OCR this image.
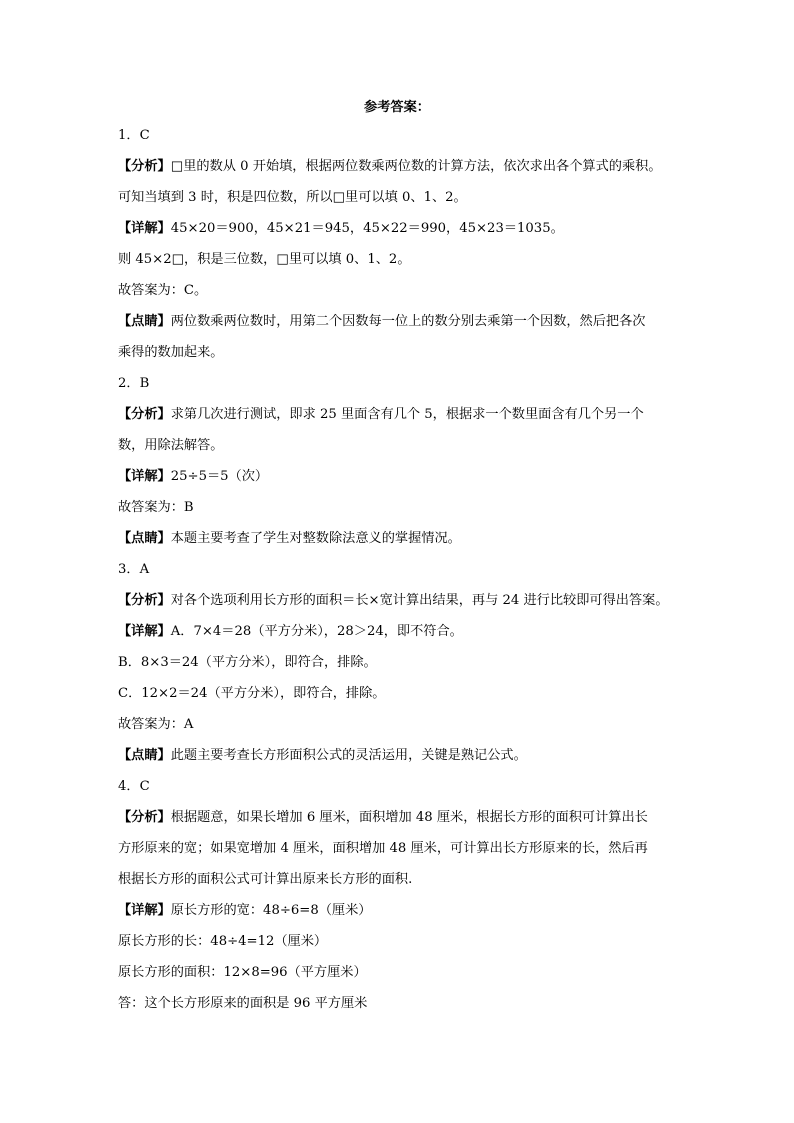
参考答案：
1．C
【分析】□里的数从 0 开始填，根据两位数乘两位数的计算方法，依次求出各个算式的乘积。
可知当填到 3 时，积是四位数，所以□里可以填 0、1、2。
【详解】45×20＝900，45×21＝945，45×22＝990，45×23＝1035。
则 45×2□，积是三位数，□里可以填 0、1、2。
故答案为：C。
【点睛】两位数乘两位数时，用第二个因数每一位上的数分别去乘第一个因数，然后把各次
乘得的数加起来。
2．B
【分析】求第几次进行测试，即求 25 里面含有几个 5，根据求一个数里面含有几个另一个
数，用除法解答。
【详解】25÷5＝5（次）
故答案为：B
【点睛】本题主要考查了学生对整数除法意义的掌握情况。
3．A
【分析】对各个选项利用长方形的面积＝长×宽计算出结果，再与 24 进行比较即可得出答案。
【详解】A．7×4＝28（平方分米），28＞24，即不符合。
B．8×3＝24（平方分米），即符合，排除。
C．12×2＝24（平方分米），即符合，排除。
故答案为：A
【点睛】此题主要考查长方形面积公式的灵活运用，关键是熟记公式。
4．C
【分析】根据题意，如果长增加 6 厘米，面积增加 48 厘米，根据长方形的面积可计算出长
方形原来的宽；如果宽增加 4 厘米，面积增加 48 厘米，可计算出长方形原来的长，然后再
根据长方形的面积公式可计算出原来长方形的面积.
【详解】原长方形的宽：48÷6=8（厘米）
原长方形的长：48÷4=12（厘米）
原长方形的面积：12×8=96（平方厘米）
答：这个长方形原来的面积是 96 平方厘米
